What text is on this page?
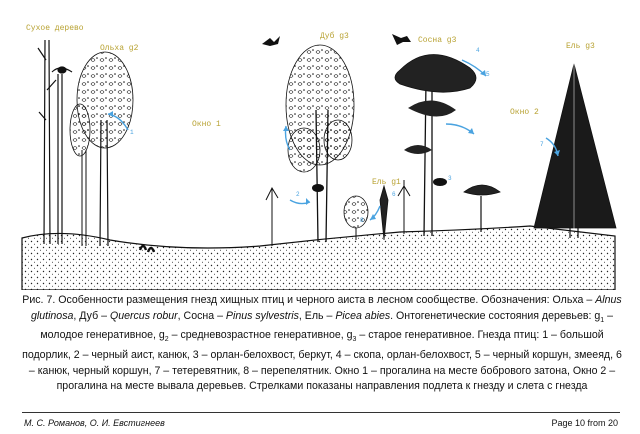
1
2
3
4
5
6
7
8
Сухое дерево
Ольха g2
Окно 1
Дуб g3	Сосна g3
Ель g1
Окно 2
Ель g3
Рис. 7. Особенности размещения гнезд хищных птиц и черного аиста в лесном сообществе. Обозначения: Ольха – Alnus glutinosa, Дуб – Quercus robur, Сосна – Pinus sylvestris, Ель – Picea abies. Онтогенетические состояния деревьев: $g_1$ – молодое генеративное, $g_2$ – средневозрастное генеративное, $g_3$ – старое генеративное. Гнезда птиц: 1 – большой подорлик, 2 – черный аист, канюк, 3 – орлан-белохвост, беркут, 4 – скопа, орлан-белохвост, 5 – черный коршун, змееяд, 6 – канюк, черный коршун, 7 – тетеревятник, 8 – перепелятник. Окно 1 – прогалина на месте бобрового затона, Окно 2 – прогалина на месте вывала деревьев. Стрелками показаны направления подлета к гнезду и слета с гнезда
М. С. Романов, О. И. Евстигнеев	Page 10 from 20
